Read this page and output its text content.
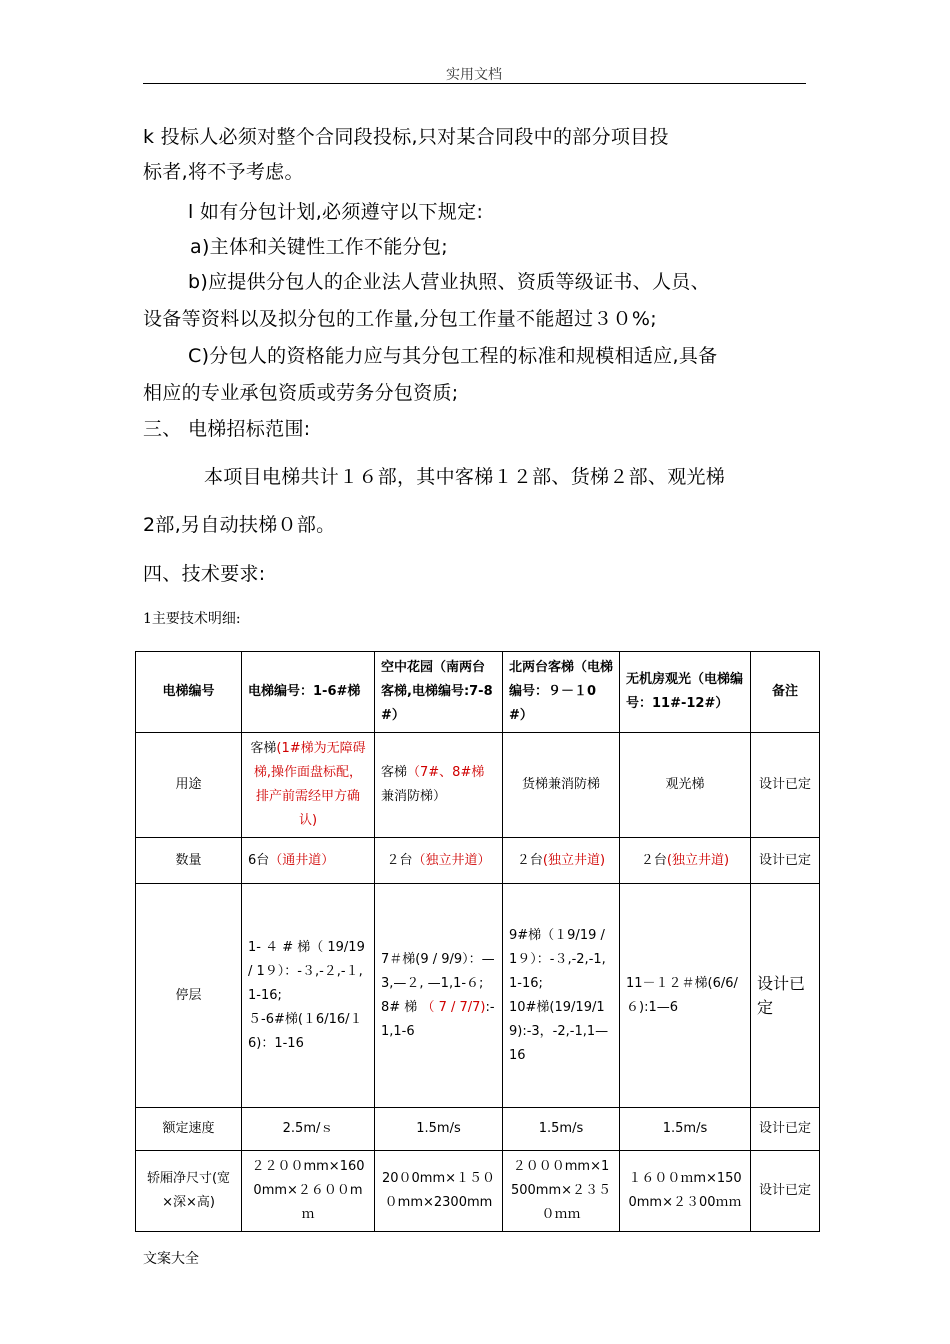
实用文档

k 投标人必须对整个合同段投标,只对某合同段中的部分项目投

标者,将不予考虑。

l 如有分包计划,必须遵守以下规定:

a)主体和关键性工作不能分包;

b)应提供分包人的企业法人营业执照、资质等级证书、人员、

设备等资料以及拟分包的工作量,分包工作量不能超过３０%;

C)分包人的资格能力应与其分包工程的标准和规模相适应,具备

相应的专业承包资质或劳务分包资质;

三、 电梯招标范围:

本项目电梯共计１６部，其中客梯１２部、货梯２部、观光梯

2部,另自动扶梯０部。

四、技术要求:

1主要技术明细:
电梯编号	电梯编号：1-6#梯	空中花园（南两台客梯,电梯编号:7-8#）	北两台客梯（电梯编号：９－１0#）	无机房观光（电梯编号：11#-12#）	备注
用途	客梯(1#梯为无障碍梯,操作面盘标配，排产前需经甲方确认)	客梯（7#、8#梯兼消防梯）	货梯兼消防梯	观光梯	设计已定
数量	6台（通井道）	２台（独立井道）	２台(独立井道)	２台(独立井道)	设计已定
停层	1- ４ # 梯（ 19/19 / 1９）：-３,-２,-１,1-16;
５-6#梯(１6/16/１6)：1-16	7＃梯(9 / 9/9）：—3,—２, —1,1-６;
8# 梯 （ 7 / 7/7):-1,1-6	9#梯（１9/19 / 1９）：-３,-2,-1,1-16;
10#梯(19/19/19):-3，-2,-1,1—16	11－１２＃梯(6/6/６):1—6	设计已定
额定速度	2.5m/ｓ	1.5m/s	1.5m/s	1.5m/s	设计已定
轿厢净尺寸(宽×深×高)	２２００mm×1600mm×２６００mｍ	20０0mm×１５００mm×2300mm	２０００mm×1500mm×２３５０ｍｍ	１６００ｍm×1500mm×２３00ｍｍ	设计已定
文案大全
